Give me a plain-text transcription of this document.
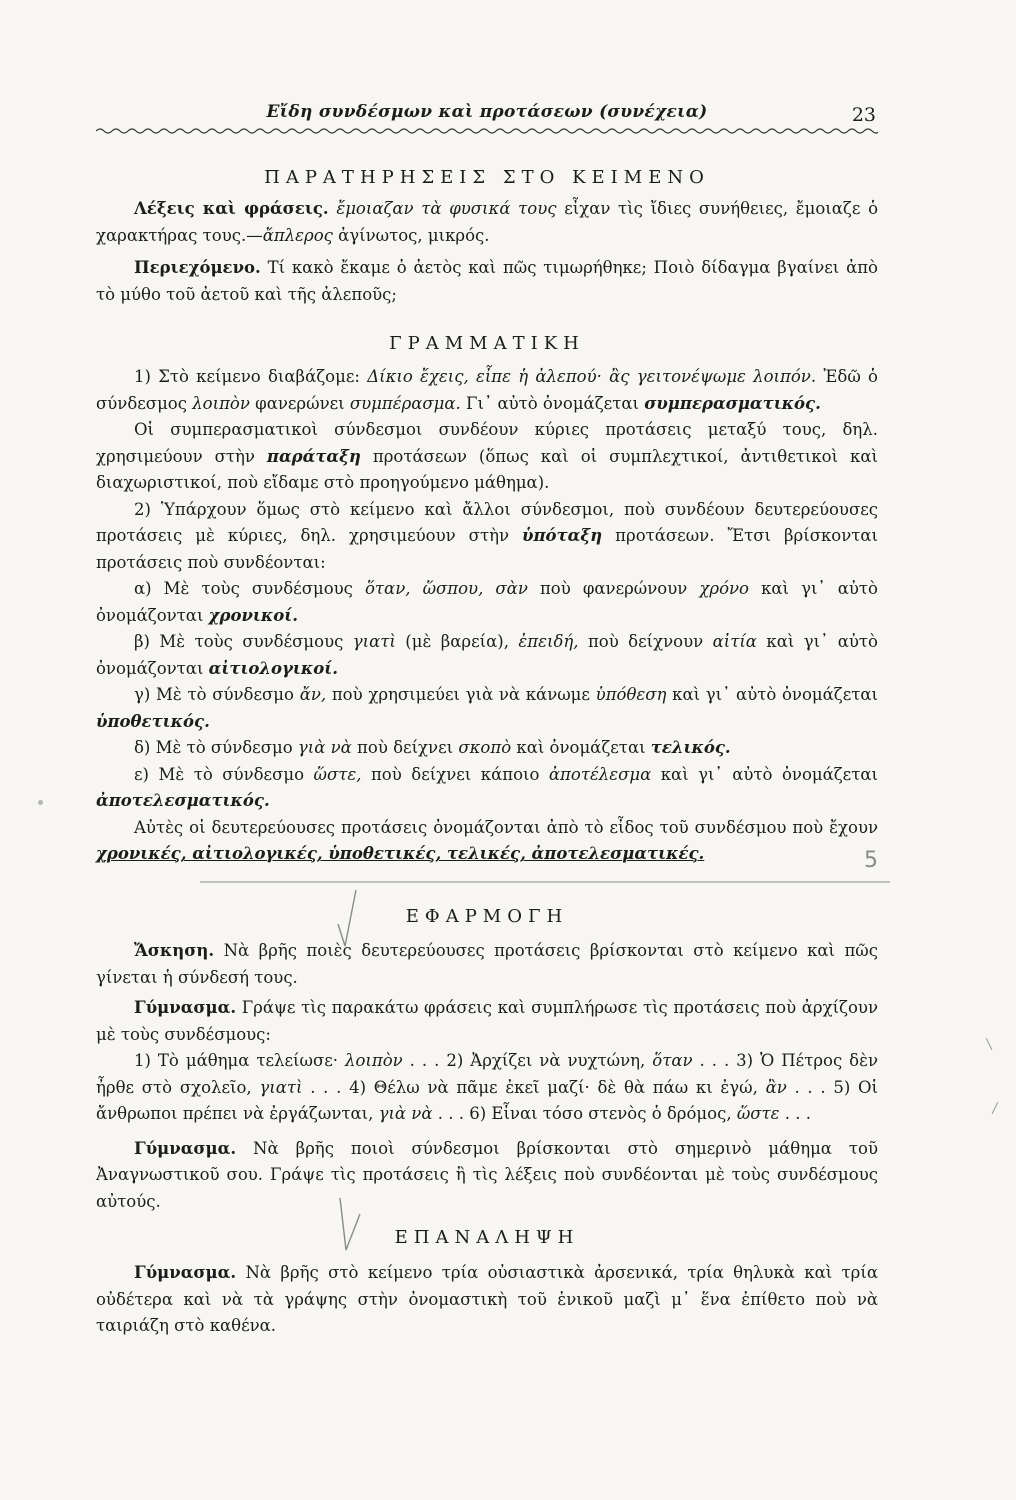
Εἴδη συνδέσμων καὶ προτάσεων (συνέχεια)	23
ΠΑΡΑΤΗΡΗΣΕΙΣ ΣΤΟ ΚΕΙΜΕΝΟ

Λέξεις καὶ φράσεις. ἔμοιαζαν τὰ φυσικά τους εἶχαν τὶς ἴδιες συνήθειες, ἔμοιαζε ὁ χαρακτήρας τους.—ἄπλερος ἀγίνωτος, μικρός.

Περιεχόμενο. Τί κακὸ ἔκαμε ὁ ἀετὸς καὶ πῶς τιμωρήθηκε; Ποιὸ δίδαγμα βγαίνει ἀπὸ τὸ μύθο τοῦ ἀετοῦ καὶ τῆς ἀλεποῦς;

ΓΡΑΜΜΑΤΙΚΗ

1) Στὸ κείμενο διαβάζομε: Δίκιο ἔχεις, εἶπε ἡ ἀλεπού· ἂς γειτονέψωμε λοιπόν. Ἐδῶ ὁ σύνδεσμος λοιπὸν φανερώνει συμπέρασμα. Γι᾽ αὐτὸ ὀνομάζεται συμπερασματικός.

Οἱ συμπερασματικοὶ σύνδεσμοι συνδέουν κύριες προτάσεις μεταξύ τους, δηλ. χρησιμεύουν στὴν παράταξη προτάσεων (ὅπως καὶ οἱ συμπλεχτικοί, ἀντιθετικοὶ καὶ διαχωριστικοί, ποὺ εἴδαμε στὸ προηγούμενο μάθημα).

2) Ὑπάρχουν ὅμως στὸ κείμενο καὶ ἄλλοι σύνδεσμοι, ποὺ συνδέουν δευτερεύουσες προτάσεις μὲ κύριες, δηλ. χρησιμεύουν στὴν ὑπόταξη προτάσεων. Ἔτσι βρίσκονται προτάσεις ποὺ συνδέονται:

α) Μὲ τοὺς συνδέσμους ὅταν, ὥσπου, σὰν ποὺ φανερώνουν χρόνο καὶ γι᾽ αὐτὸ ὀνομάζονται χρονικοί.

β) Μὲ τοὺς συνδέσμους γιατὶ (μὲ βαρεία), ἐπειδή, ποὺ δείχνουν αἰτία καὶ γι᾽ αὐτὸ ὀνομάζονται αἰτιολογικοί.

γ) Μὲ τὸ σύνδεσμο ἄν, ποὺ χρησιμεύει γιὰ νὰ κάνωμε ὑπόθεση καὶ γι᾽ αὐτὸ ὀνομάζεται ὑποθετικός.

δ) Μὲ τὸ σύνδεσμο γιὰ νὰ ποὺ δείχνει σκοπὸ καὶ ὀνομάζεται τελικός.

ε) Μὲ τὸ σύνδεσμο ὥστε, ποὺ δείχνει κάποιο ἀποτέλεσμα καὶ γι᾽ αὐτὸ ὀνομάζεται ἀποτελεσματικός.

Αὐτὲς οἱ δευτερεύουσες προτάσεις ὀνομάζονται ἀπὸ τὸ εἶδος τοῦ συνδέσμου ποὺ ἔχουν χρονικές, αἰτιολογικές, ὑποθετικές, τελικές, ἀποτελεσματικές.

ΕΦΑΡΜΟΓΗ

Ἄσκηση. Νὰ βρῆς ποιὲς δευτερεύουσες προτάσεις βρίσκονται στὸ κείμενο καὶ πῶς γίνεται ἡ σύνδεσή τους.

Γύμνασμα. Γράψε τὶς παρακάτω φράσεις καὶ συμπλήρωσε τὶς προτάσεις ποὺ ἀρχίζουν μὲ τοὺς συνδέσμους:

1) Τὸ μάθημα τελείωσε· λοιπὸν . . . 2) Ἀρχίζει νὰ νυχτώνη, ὅταν . . . 3) Ὁ Πέτρος δὲν ἦρθε στὸ σχολεῖο, γιατὶ . . . 4) Θέλω νὰ πᾶμε ἐκεῖ μαζί· δὲ θὰ πάω κι ἐγώ, ἂν . . . 5) Οἱ ἄνθρωποι πρέπει νὰ ἐργάζωνται, γιὰ νὰ . . . 6) Εἶναι τόσο στενὸς ὁ δρόμος, ὥστε . . .

Γύμνασμα. Νὰ βρῆς ποιοὶ σύνδεσμοι βρίσκονται στὸ σημερινὸ μάθημα τοῦ Ἀναγνωστικοῦ σου. Γράψε τὶς προτάσεις ἢ τὶς λέξεις ποὺ συνδέονται μὲ τοὺς συνδέσμους αὐτούς.

ΕΠΑΝΑΛΗΨΗ

Γύμνασμα. Νὰ βρῆς στὸ κείμενο τρία οὐσιαστικὰ ἀρσενικά, τρία θηλυκὰ καὶ τρία οὐδέτερα καὶ νὰ τὰ γράψης στὴν ὀνομαστικὴ τοῦ ἑνικοῦ μαζὶ μ᾽ ἕνα ἐπίθετο ποὺ νὰ ταιριάζη στὸ καθένα.

5
